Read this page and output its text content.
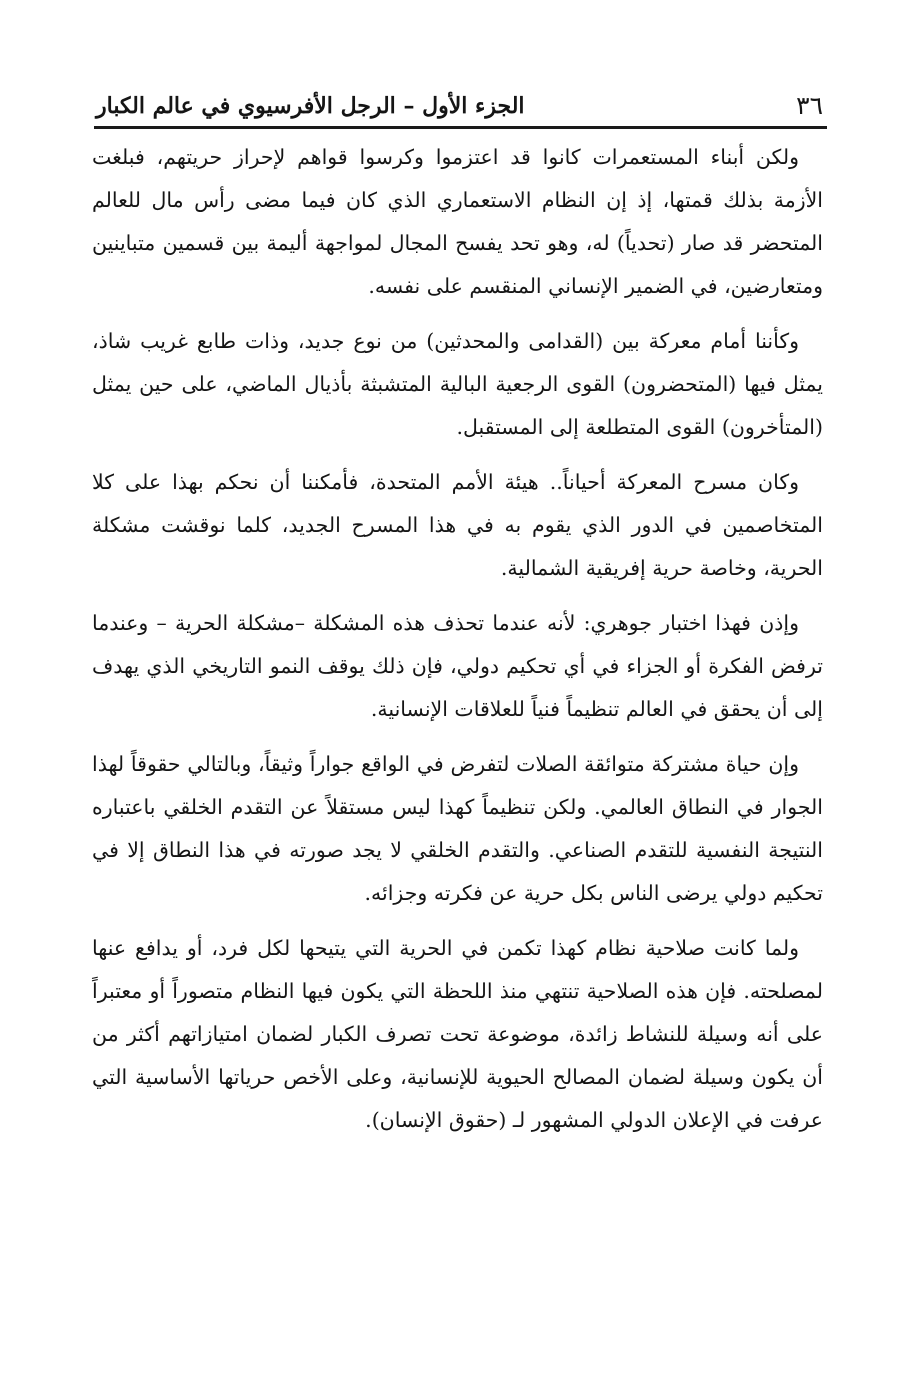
٣٦
الجزء الأول – الرجل الأفرسيوي في عالم الكبار

ولكن أبناء المستعمرات كانوا قد اعتزموا وكرسوا قواهم لإحراز حريتهم، فبلغت الأزمة بذلك قمتها، إذ إن النظام الاستعماري الذي كان فيما مضى رأس مال للعالم المتحضر قد صار (تحدياً) له، وهو تحد يفسح المجال لمواجهة أليمة بين قسمين متباينين ومتعارضين، في الضمير الإنساني المنقسم على نفسه.

وكأننا أمام معركة بين (القدامى والمحدثين) من نوع جديد، وذات طابع غريب شاذ، يمثل فيها (المتحضرون) القوى الرجعية البالية المتشبثة بأذيال الماضي، على حين يمثل (المتأخرون) القوى المتطلعة إلى المستقبل.

وكان مسرح المعركة أحياناً.. هيئة الأمم المتحدة، فأمكننا أن نحكم بهذا على كلا المتخاصمين في الدور الذي يقوم به في هذا المسرح الجديد، كلما نوقشت مشكلة الحرية، وخاصة حرية إفريقية الشمالية.

وإذن فهذا اختبار جوهري: لأنه عندما تحذف هذه المشكلة –مشكلة الحرية – وعندما ترفض الفكرة أو الجزاء في أي تحكيم دولي، فإن ذلك يوقف النمو التاريخي الذي يهدف إلى أن يحقق في العالم تنظيماً فنياً للعلاقات الإنسانية.

وإن حياة مشتركة متوائقة الصلات لتفرض في الواقع جواراً وثيقاً، وبالتالي حقوقاً لهذا الجوار في النطاق العالمي. ولكن تنظيماً كهذا ليس مستقلاً عن التقدم الخلقي باعتباره النتيجة النفسية للتقدم الصناعي. والتقدم الخلقي لا يجد صورته في هذا النطاق إلا في تحكيم دولي يرضى الناس بكل حرية عن فكرته وجزائه.

ولما كانت صلاحية نظام كهذا تكمن في الحرية التي يتيحها لكل فرد، أو يدافع عنها لمصلحته. فإن هذه الصلاحية تنتهي منذ اللحظة التي يكون فيها النظام متصوراً أو معتبراً على أنه وسيلة للنشاط زائدة، موضوعة تحت تصرف الكبار لضمان امتيازاتهم أكثر من أن يكون وسيلة لضمان المصالح الحيوية للإنسانية، وعلى الأخص حرياتها الأساسية التي عرفت في الإعلان الدولي المشهور لـ (حقوق الإنسان).
